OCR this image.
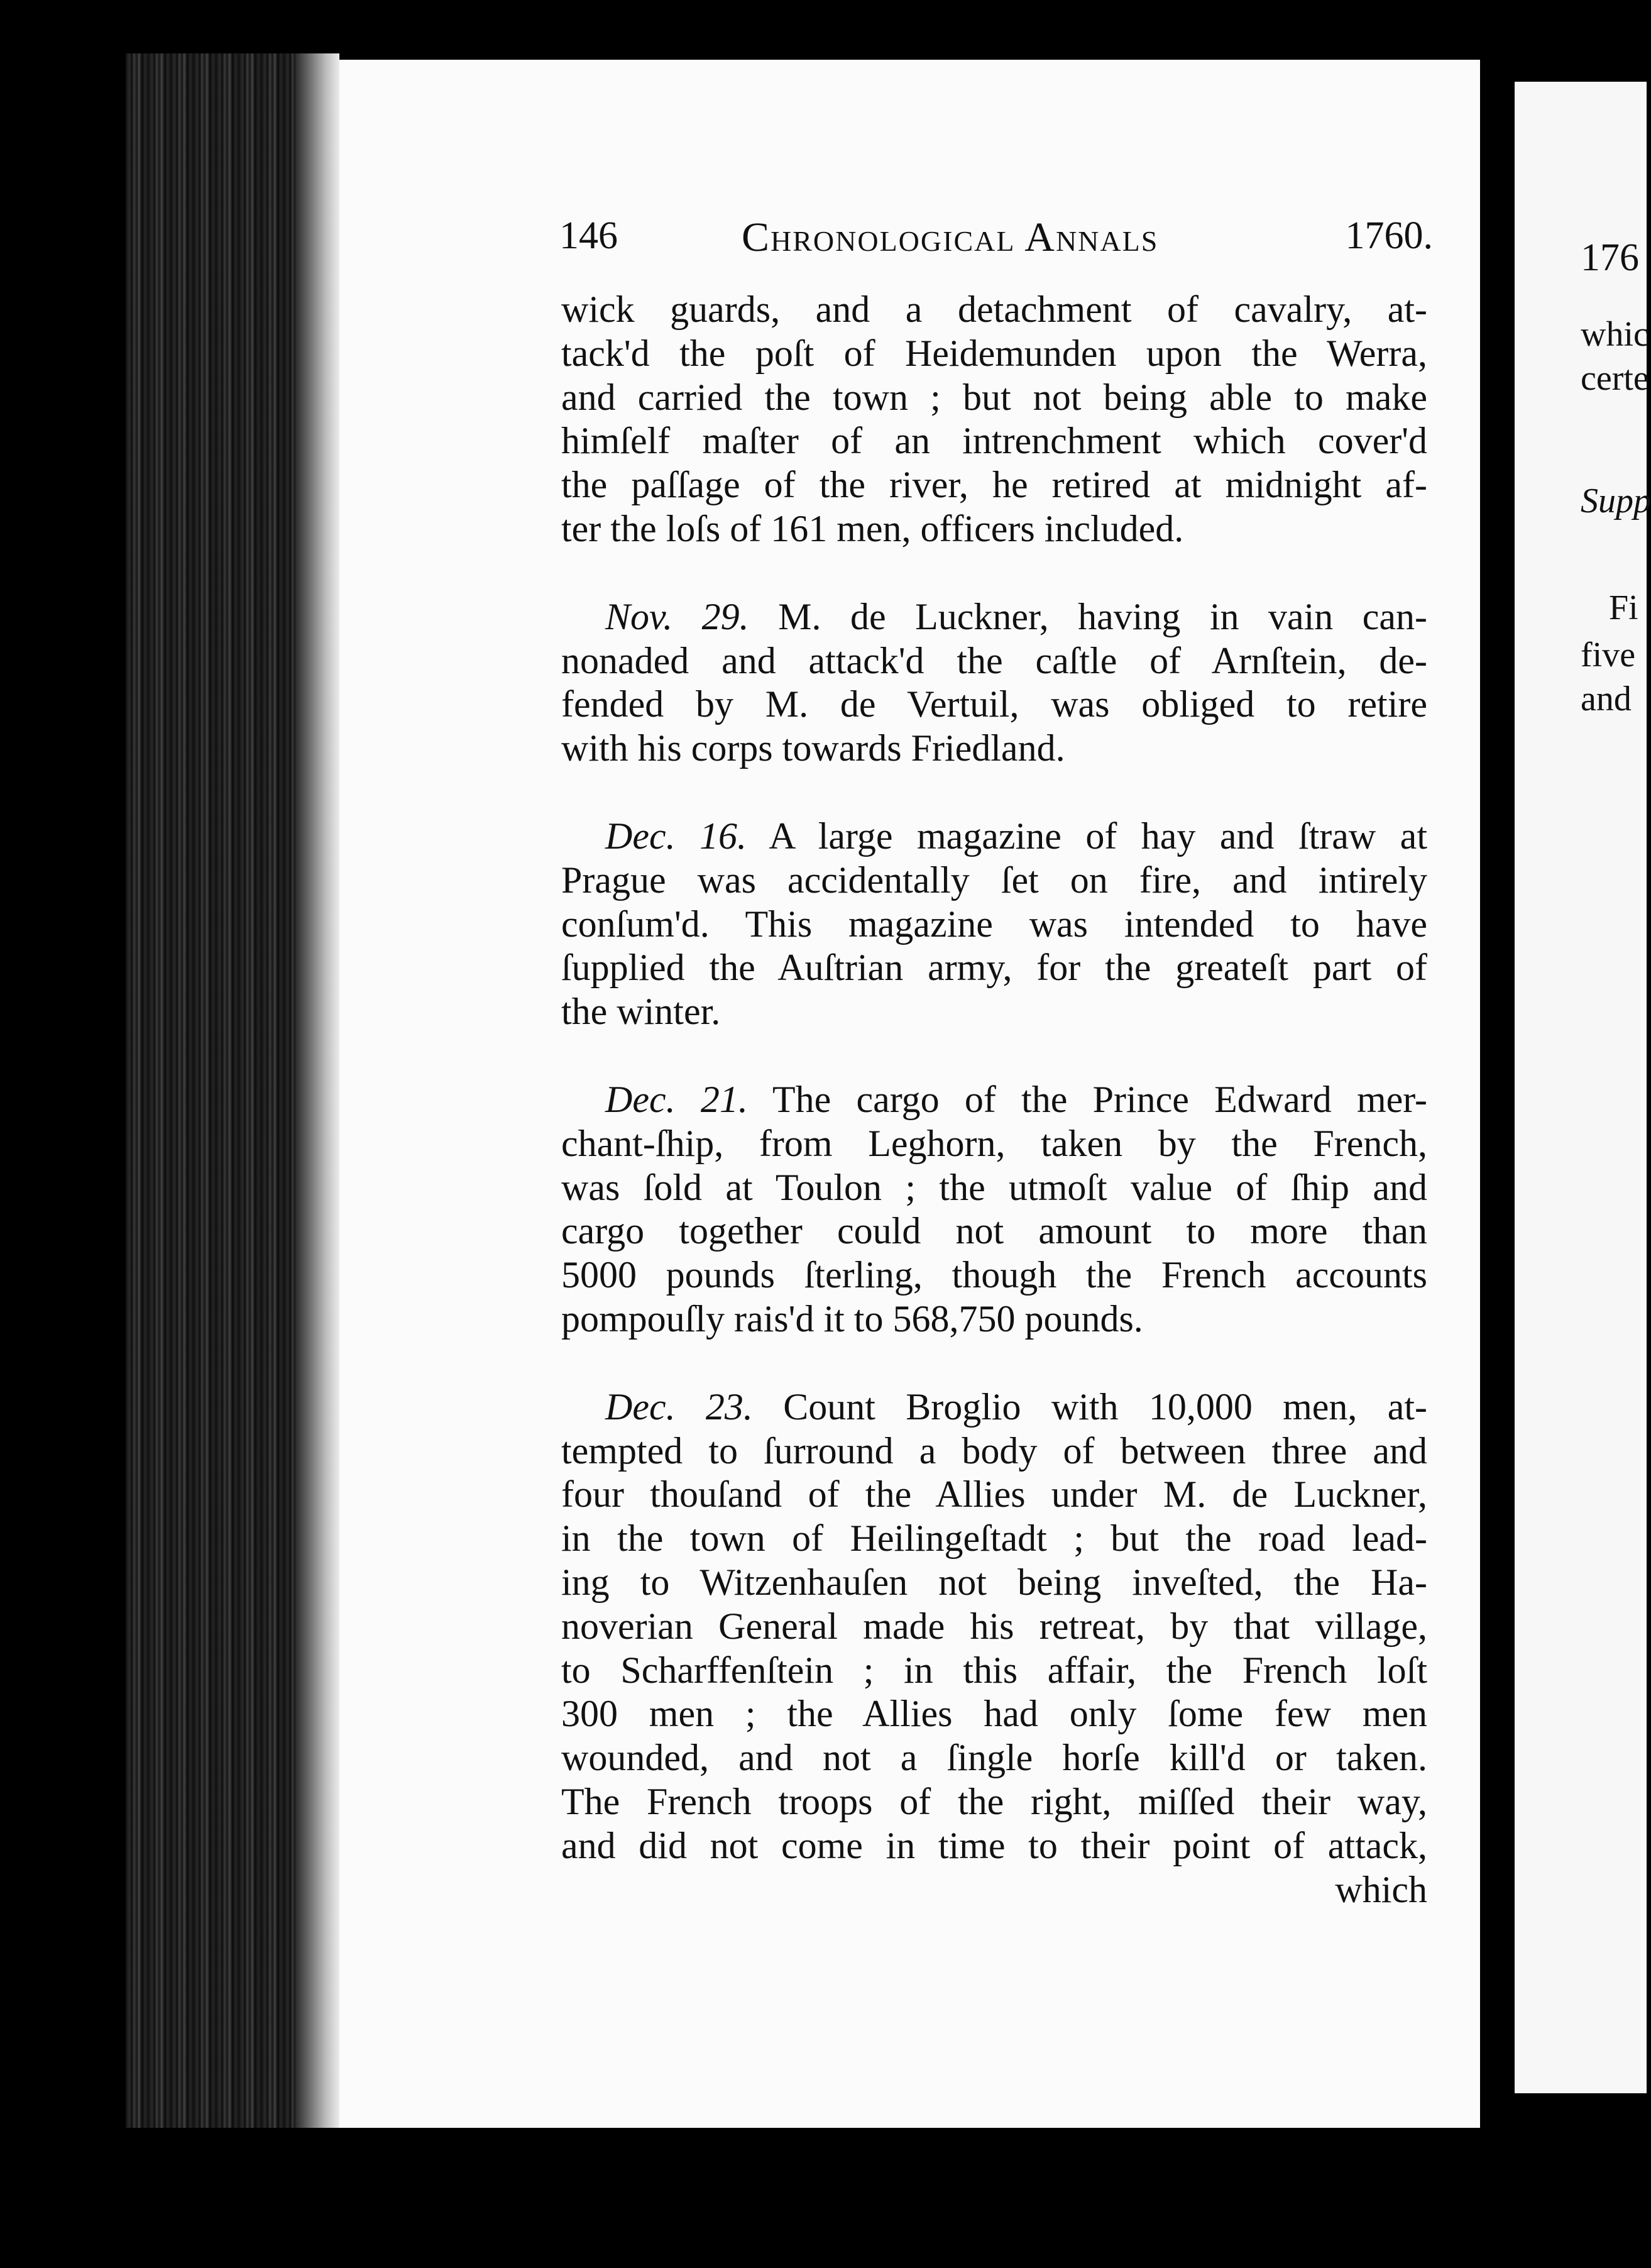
176
whic
certe
Supp
Fi
five
and
146	Chronological Annals	1760.
wick guards, and a detachment of cavalry, at-
tack'd the poſt of Heidemunden upon the Werra,
and carried the town ; but not being able to make
himſelf maſter of an intrenchment which cover'd
the paſſage of the river, he retired at midnight af-
ter the loſs of 161 men, officers included.
Nov. 29. M. de Luckner, having in vain can-
nonaded and attack'd the caſtle of Arnſtein, de-
fended by M. de Vertuil, was obliged to retire
with his corps towards Friedland.
Dec. 16. A large magazine of hay and ſtraw at
Prague was accidentally ſet on fire, and intirely
conſum'd. This magazine was intended to have
ſupplied the Auſtrian army, for the greateſt part of
the winter.
Dec. 21. The cargo of the Prince Edward mer-
chant-ſhip, from Leghorn, taken by the French,
was ſold at Toulon ; the utmoſt value of ſhip and
cargo together could not amount to more than
5000 pounds ſterling, though the French accounts
pompouſly rais'd it to 568,750 pounds.
Dec. 23. Count Broglio with 10,000 men, at-
tempted to ſurround a body of between three and
four thouſand of the Allies under M. de Luckner,
in the town of Heilingeſtadt ; but the road lead-
ing to Witzenhauſen not being inveſted, the Ha-
noverian General made his retreat, by that village,
to Scharffenſtein ; in this affair, the French loſt
300 men ; the Allies had only ſome few men
wounded, and not a ſingle horſe kill'd or taken.
The French troops of the right, miſſed their way,
and did not come in time to their point of attack,
which
